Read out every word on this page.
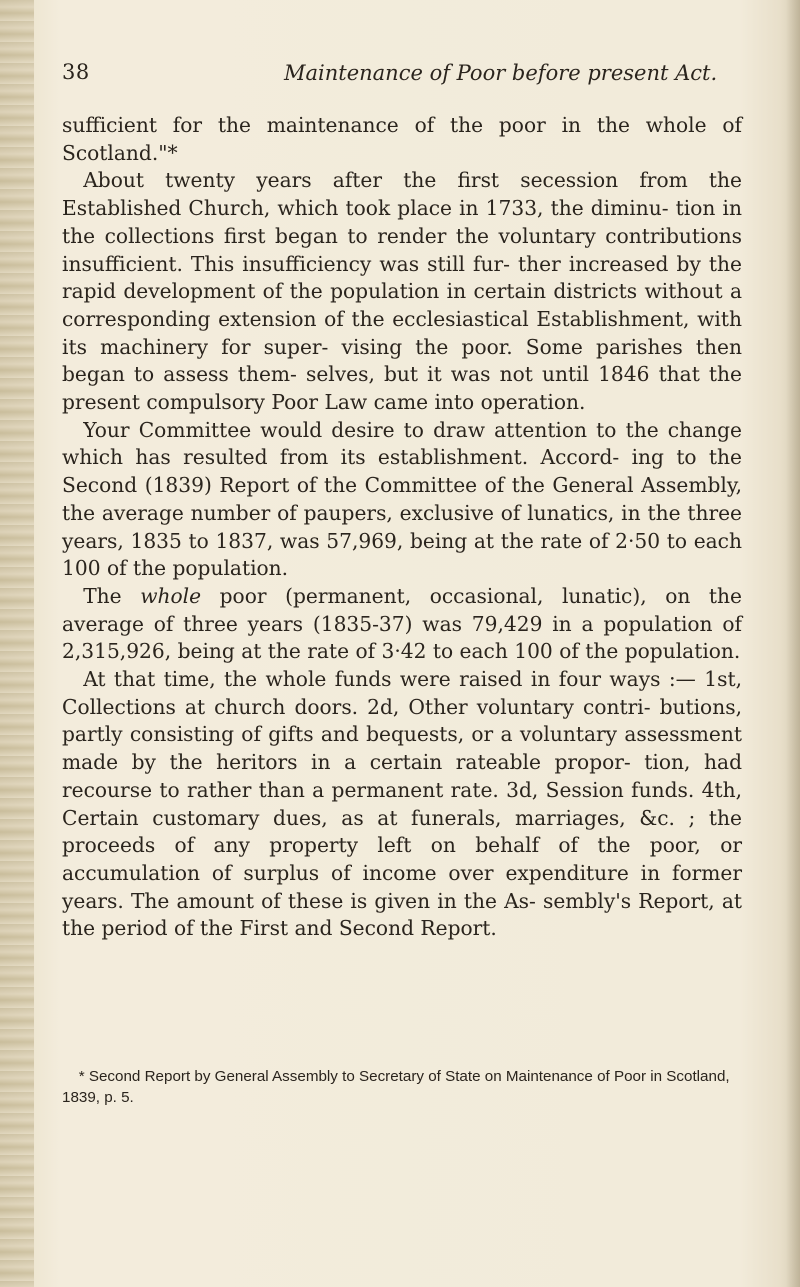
38	Maintenance of Poor before present Act.

sufficient for the maintenance of the poor in the whole of Scotland."*

About twenty years after the first secession from the Established Church, which took place in 1733, the diminu- tion in the collections first began to render the voluntary contributions insufficient. This insufficiency was still fur- ther increased by the rapid development of the population in certain districts without a corresponding extension of the ecclesiastical Establishment, with its machinery for super- vising the poor. Some parishes then began to assess them- selves, but it was not until 1846 that the present compulsory Poor Law came into operation.

Your Committee would desire to draw attention to the change which has resulted from its establishment. Accord- ing to the Second (1839) Report of the Committee of the General Assembly, the average number of paupers, exclusive of lunatics, in the three years, 1835 to 1837, was 57,969, being at the rate of 2·50 to each 100 of the population.

The whole poor (permanent, occasional, lunatic), on the average of three years (1835-37) was 79,429 in a population of 2,315,926, being at the rate of 3·42 to each 100 of the population.

At that time, the whole funds were raised in four ways :— 1st, Collections at church doors. 2d, Other voluntary contri- butions, partly consisting of gifts and bequests, or a voluntary assessment made by the heritors in a certain rateable propor- tion, had recourse to rather than a permanent rate. 3d, Session funds. 4th, Certain customary dues, as at funerals, marriages, &c. ; the proceeds of any property left on behalf of the poor, or accumulation of surplus of income over expenditure in former years. The amount of these is given in the As- sembly's Report, at the period of the First and Second Report.

* Second Report by General Assembly to Secretary of State on Maintenance of Poor in Scotland, 1839, p. 5.
